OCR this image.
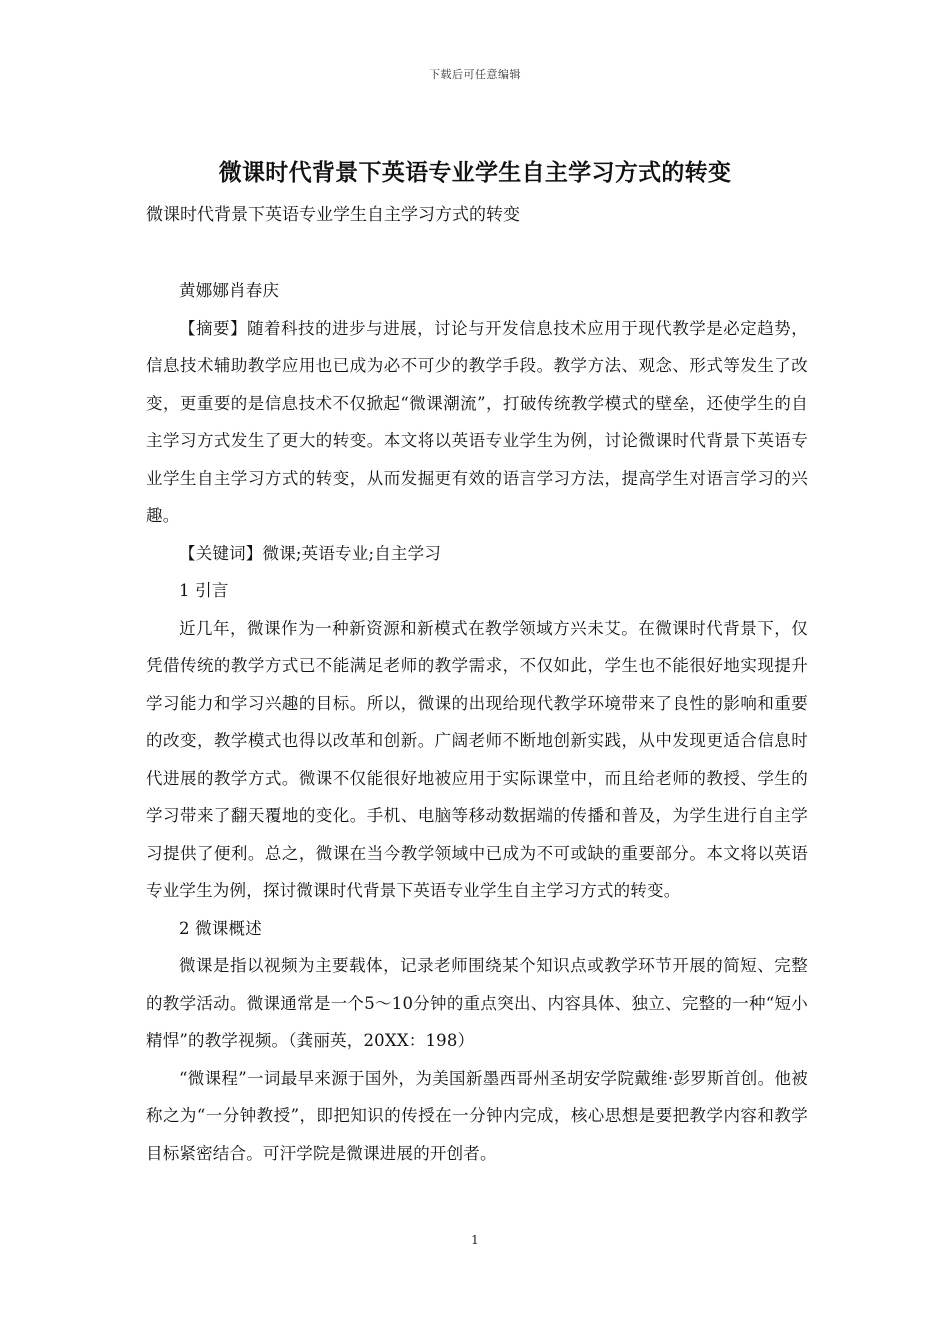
下载后可任意编辑
微课时代背景下英语专业学生自主学习方式的转变

微课时代背景下英语专业学生自主学习方式的转变

黄娜娜肖春庆

【摘要】随着科技的进步与进展，讨论与开发信息技术应用于现代教学是必定趋势，信息技术辅助教学应用也已成为必不可少的教学手段。教学方法、观念、形式等发生了改变，更重要的是信息技术不仅掀起“微课潮流”，打破传统教学模式的壁垒，还使学生的自主学习方式发生了更大的转变。本文将以英语专业学生为例，讨论微课时代背景下英语专业学生自主学习方式的转变，从而发掘更有效的语言学习方法，提高学生对语言学习的兴趣。

【关键词】微课;英语专业;自主学习

1 引言

近几年，微课作为一种新资源和新模式在教学领域方兴未艾。在微课时代背景下，仅凭借传统的教学方式已不能满足老师的教学需求，不仅如此，学生也不能很好地实现提升学习能力和学习兴趣的目标。所以，微课的出现给现代教学环境带来了良性的影响和重要的改变，教学模式也得以改革和创新。广阔老师不断地创新实践，从中发现更适合信息时代进展的教学方式。微课不仅能很好地被应用于实际课堂中，而且给老师的教授、学生的学习带来了翻天覆地的变化。手机、电脑等移动数据端的传播和普及，为学生进行自主学习提供了便利。总之，微课在当今教学领域中已成为不可或缺的重要部分。本文将以英语专业学生为例，探讨微课时代背景下英语专业学生自主学习方式的转变。

2 微课概述

微课是指以视频为主要载体，记录老师围绕某个知识点或教学环节开展的简短、完整的教学活动。微课通常是一个5～10分钟的重点突出、内容具体、独立、完整的一种“短小精悍”的教学视频。（龚丽英，20XX：198）

“微课程”一词最早来源于国外，为美国新墨西哥州圣胡安学院戴维·彭罗斯首创。他被称之为“一分钟教授”，即把知识的传授在一分钟内完成，核心思想是要把教学内容和教学目标紧密结合。可汗学院是微课进展的开创者。

1
